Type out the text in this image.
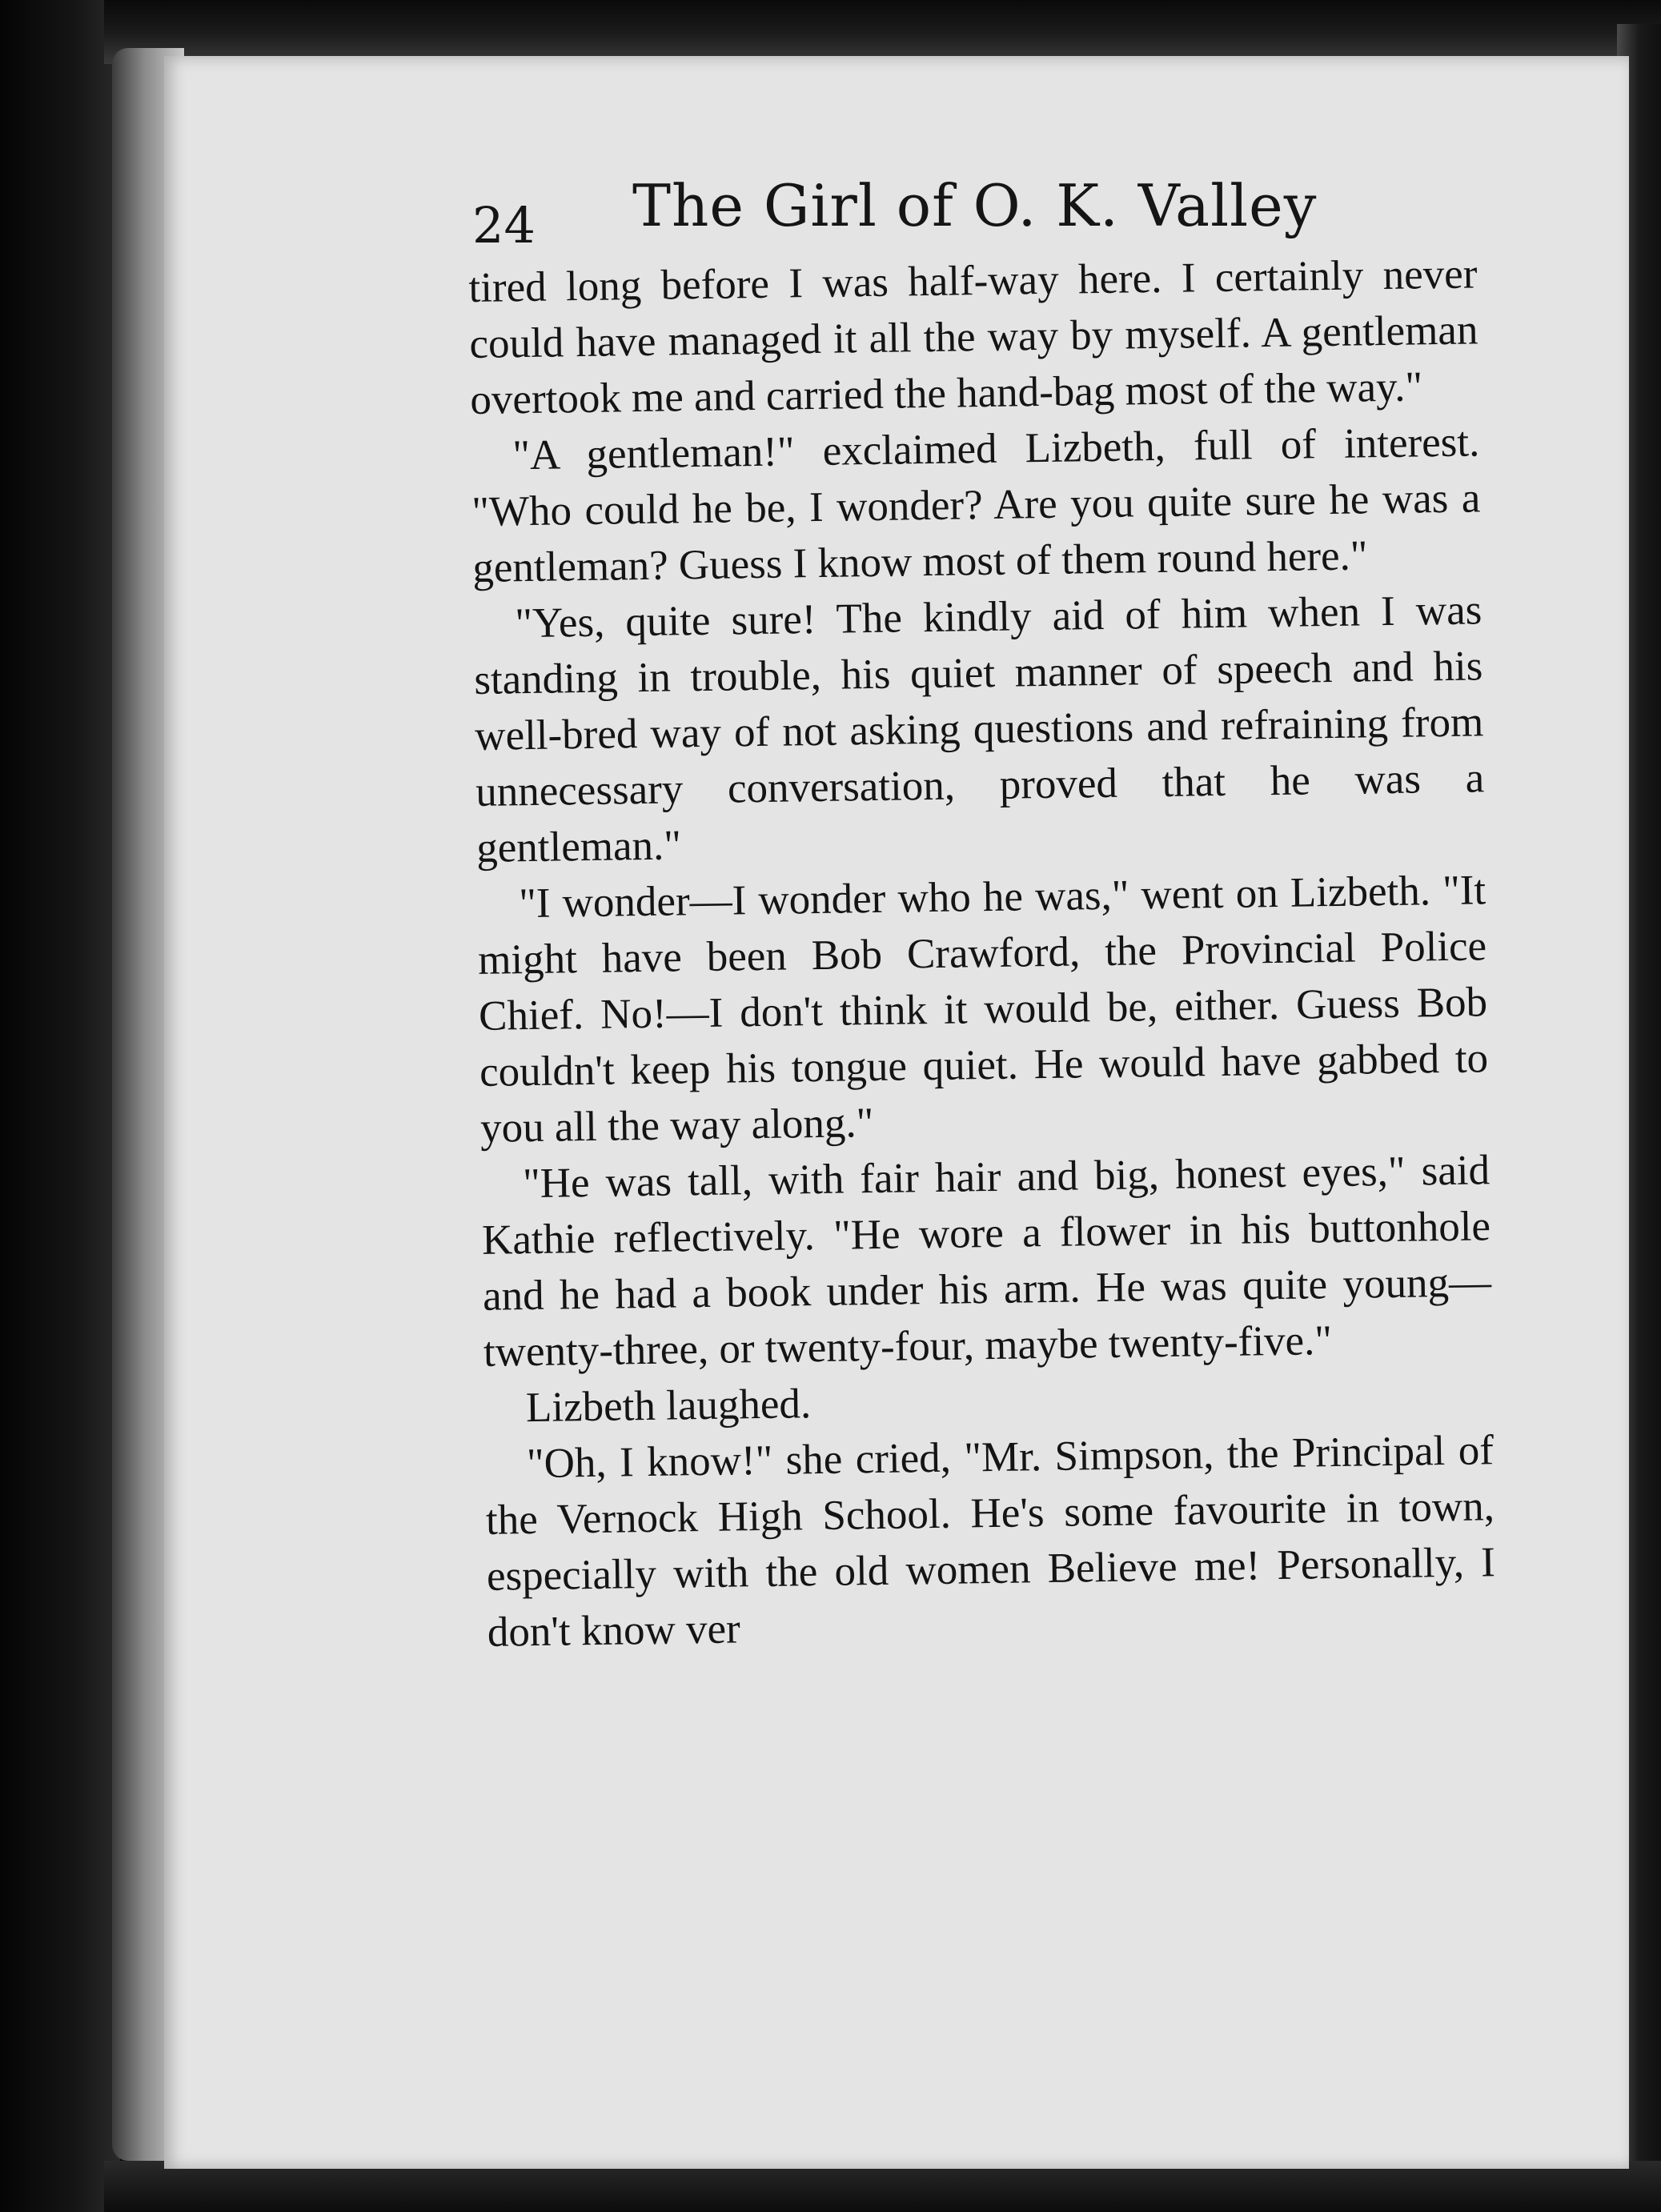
24 The Girl of O. K. Valley

tired long before I was half-way here. I certainly never could have managed it all the way by myself. A gentleman overtook me and carried the hand-bag most of the way."

"A gentleman!" exclaimed Lizbeth, full of interest. "Who could he be, I wonder? Are you quite sure he was a gentleman? Guess I know most of them round here."

"Yes, quite sure! The kindly aid of him when I was standing in trouble, his quiet manner of speech and his well-bred way of not asking questions and refraining from unnecessary conversation, proved that he was a gentleman."

"I wonder—I wonder who he was," went on Lizbeth. "It might have been Bob Crawford, the Provincial Police Chief. No!—I don't think it would be, either. Guess Bob couldn't keep his tongue quiet. He would have gabbed to you all the way along."

"He was tall, with fair hair and big, honest eyes," said Kathie reflectively. "He wore a flower in his buttonhole and he had a book under his arm. He was quite young—twenty-three, or twenty-four, maybe twenty-five."

Lizbeth laughed.

"Oh, I know!" she cried, "Mr. Simpson, the Principal of the Vernock High School. He's some favourite in town, especially with the old women Believe me! Personally, I don't know ver
